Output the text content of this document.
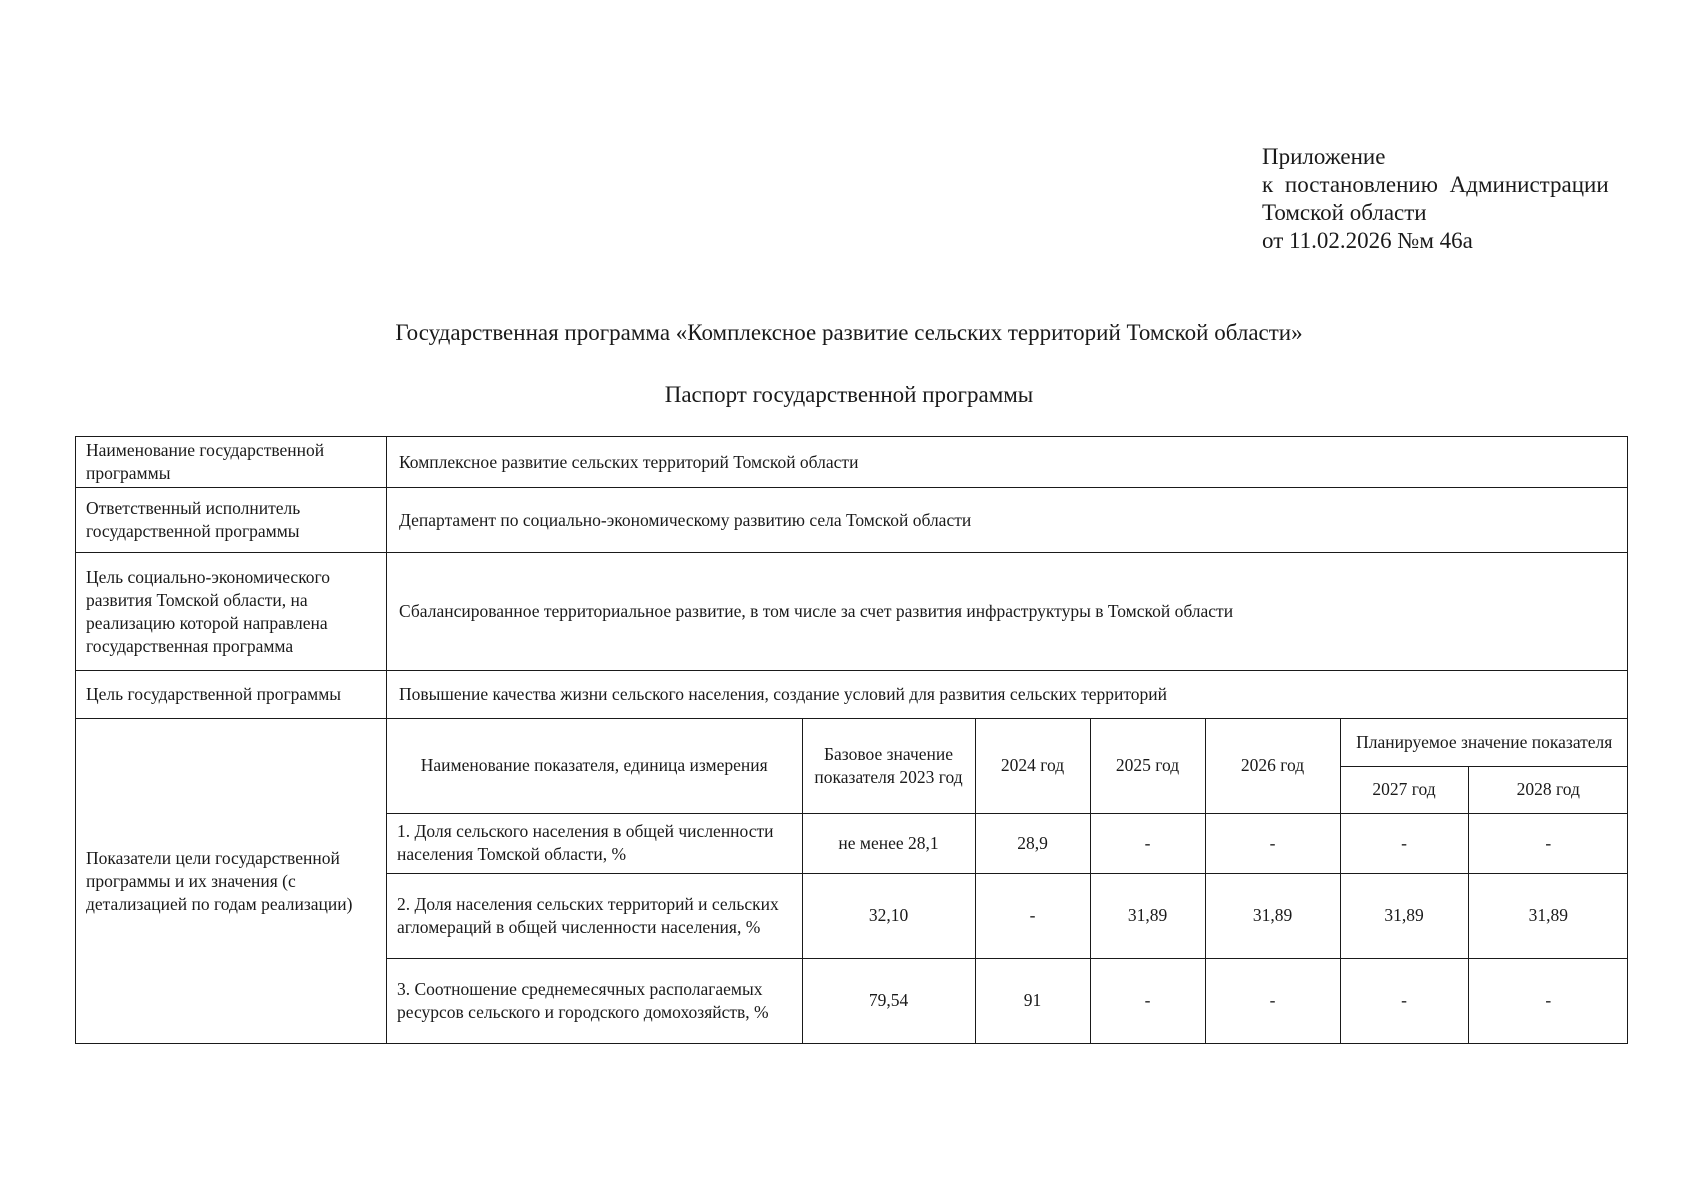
Приложение
к постановлению Администрации
Томской области
от 11.02.2026 №м 46а
Государственная программа «Комплексное развитие сельских территорий Томской области»
Паспорт государственной программы
Наименование государственной программы	Комплексное развитие сельских территорий Томской области
Ответственный исполнитель государственной программы	Департамент по социально-экономическому развитию села Томской области
Цель социально-экономического развития Томской области, на реализацию которой направлена государственная программа	Сбалансированное территориальное развитие, в том числе за счет развития инфраструктуры в Томской области
Цель государственной программы	Повышение качества жизни сельского населения, создание условий для развития сельских территорий
Показатели цели государственной программы и их значения (с детализацией по годам реализации)	
Наименование показателя, единица измерения	Базовое значение показателя 2023 год	2024 год	2025 год	2026 год	Планируемое значение показателя
2027 год	2028 год
1. Доля сельского населения в общей численности населения Томской области, %	не менее 28,1	28,9	-	-	-	-
2. Доля населения сельских территорий и сельских агломераций в общей численности населения, %	32,10	-	31,89	31,89	31,89	31,89
3. Соотношение среднемесячных располагаемых ресурсов сельского и городского домохозяйств, %	79,54	91	-	-	-	-
